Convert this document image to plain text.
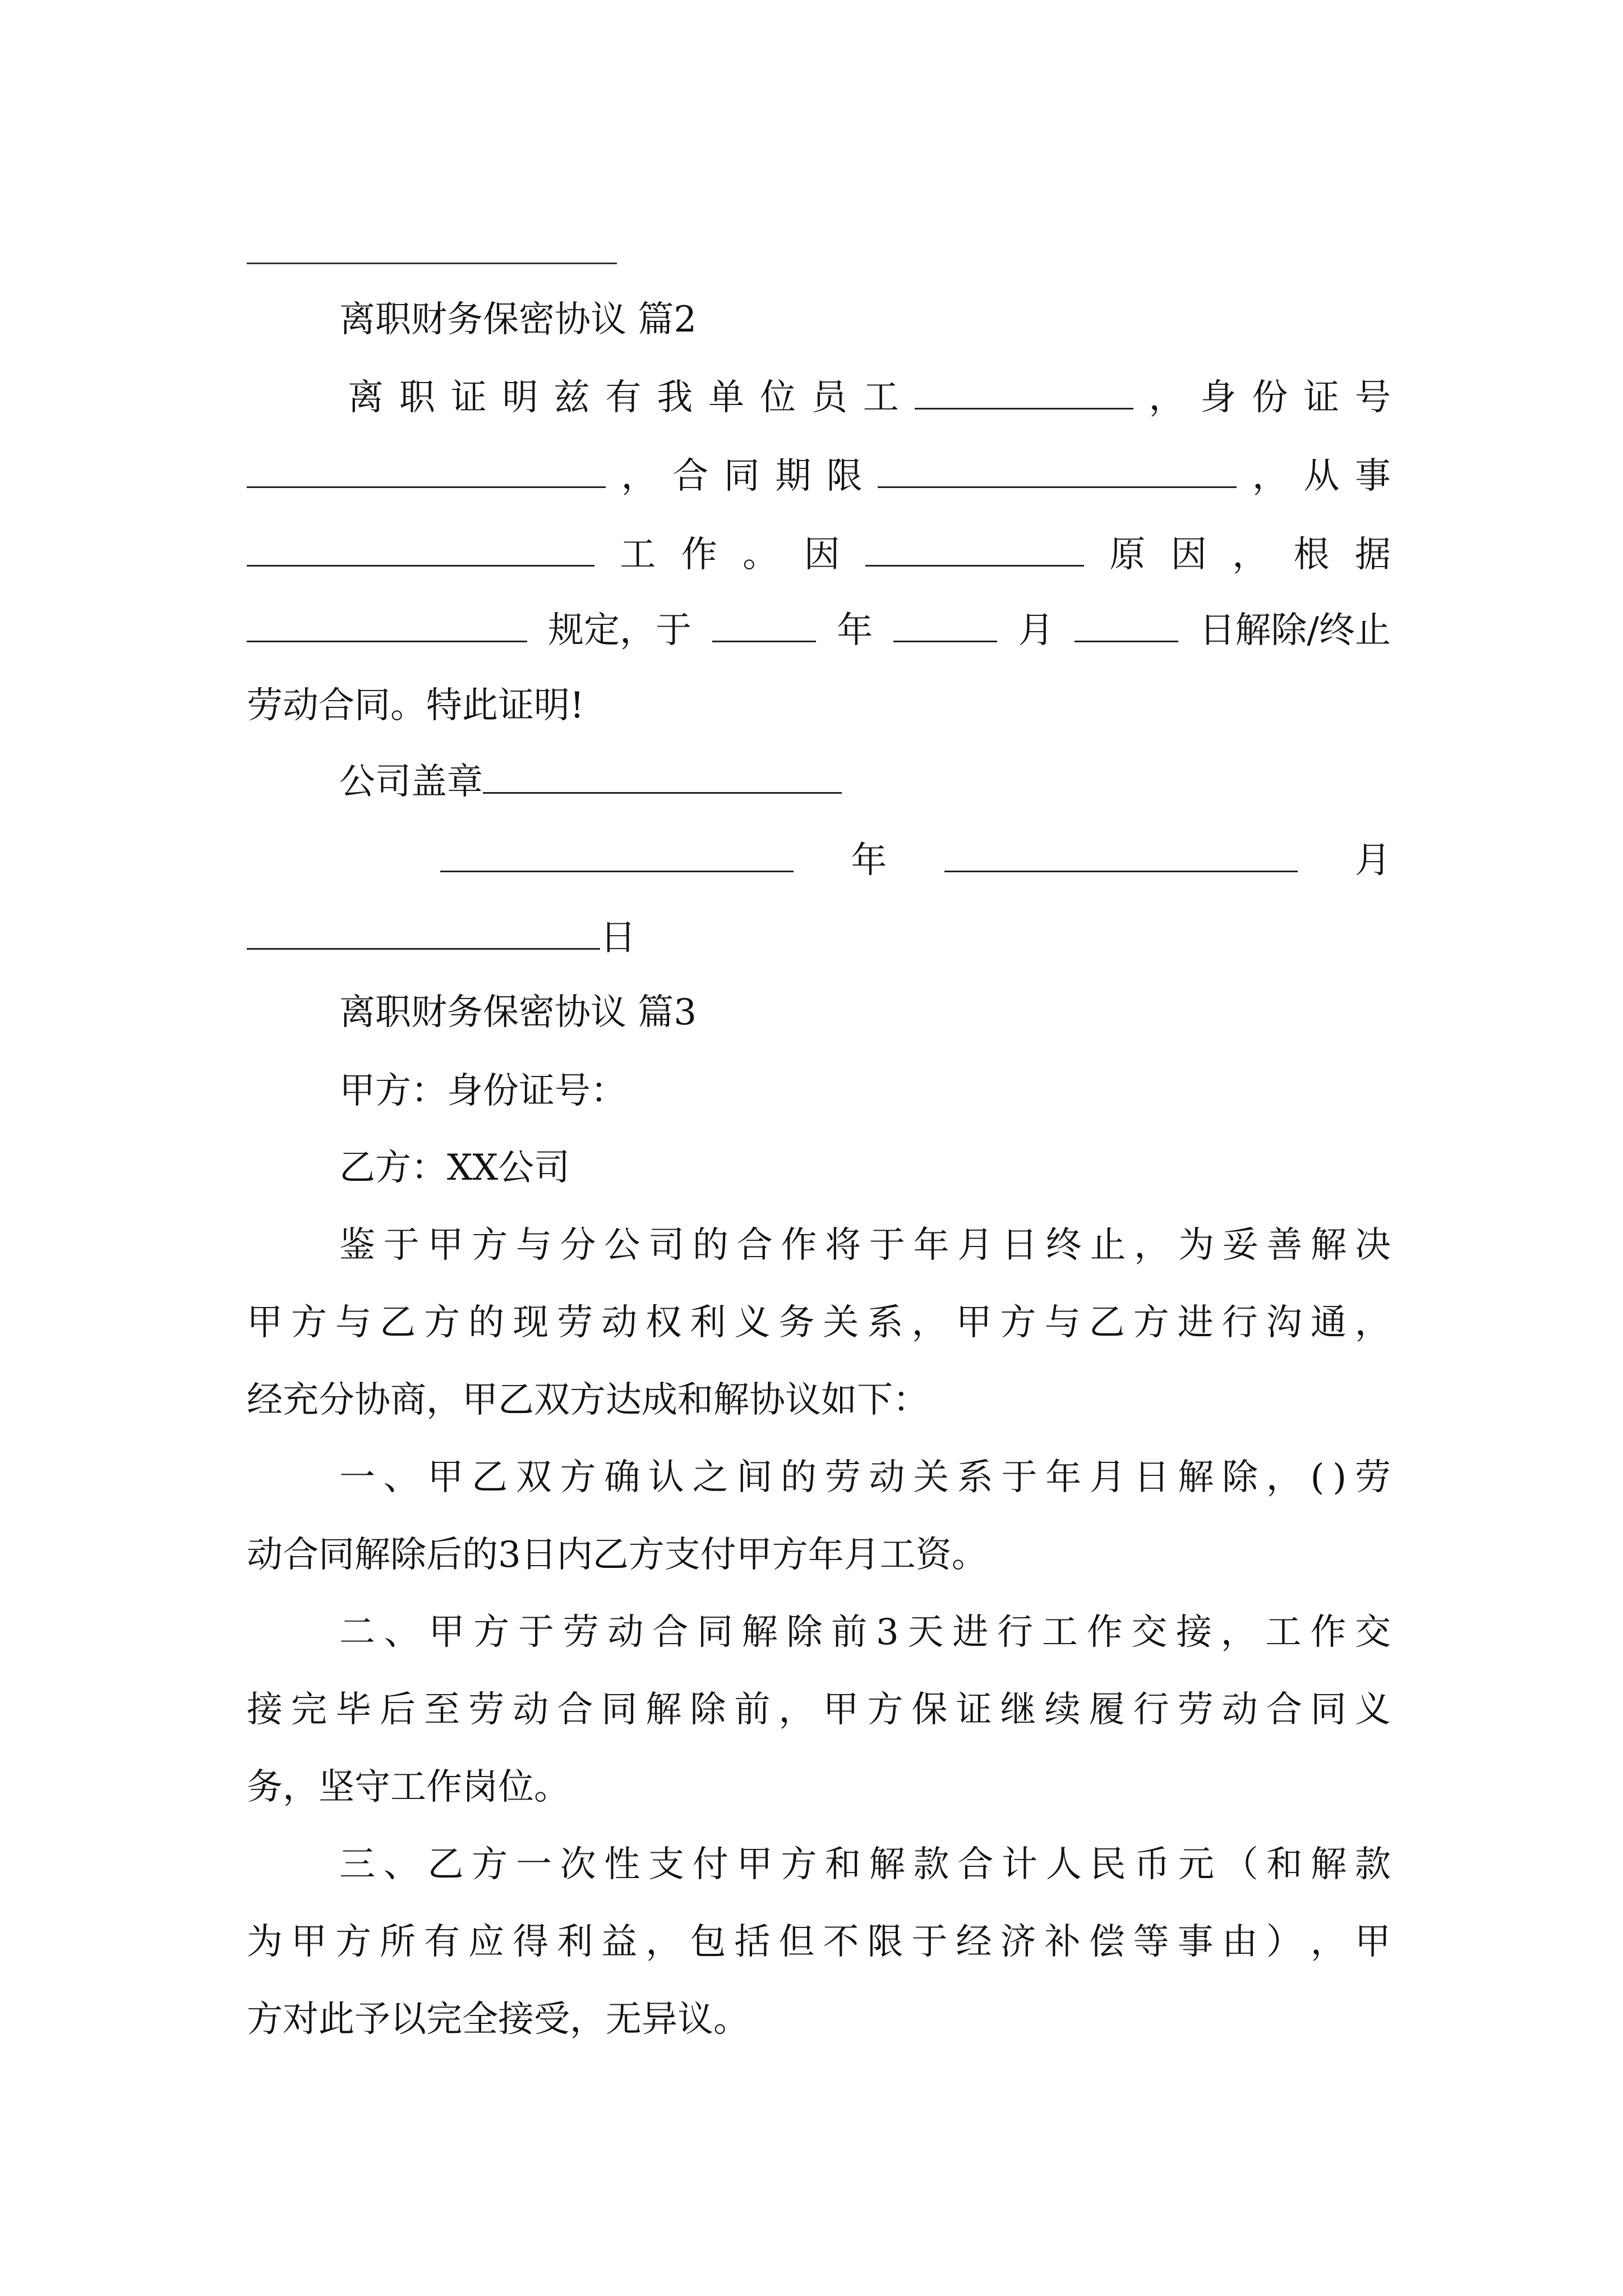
离职财务保密协议 篇2
离 职 证 明 兹 有 我 单 位 员 工	， 身 份 证 号
， 合 同 期 限	， 从 事
工 作 。 因	原 因 ， 根 据
规定，于	年	月	日解除/终止
劳动合同。特此证明!
公司盖章
年	月
日
离职财务保密协议 篇3
甲方：身份证号：
乙方：XX公司
鉴 于 甲 方 与 分 公 司 的 合 作 将 于 年 月 日 终 止 ， 为 妥 善 解 决
甲 方 与 乙 方 的 现 劳 动 权 利 义 务 关 系 ， 甲 方 与 乙 方 进 行 沟 通 ，
经充分协商，甲乙双方达成和解协议如下：
一 、 甲 乙 双 方 确 认 之 间 的 劳 动 关 系 于 年 月 日 解 除 ， ( ) 劳
动合同解除后的3日内乙方支付甲方年月工资。
二 、 甲 方 于 劳 动 合 同 解 除 前 3 天 进 行 工 作 交 接 ， 工 作 交
接 完 毕 后 至 劳 动 合 同 解 除 前 ， 甲 方 保 证 继 续 履 行 劳 动 合 同 义
务，坚守工作岗位。
三 、 乙 方 一 次 性 支 付 甲 方 和 解 款 合 计 人 民 币 元 （ 和 解 款
为 甲 方 所 有 应 得 利 益 ， 包 括 但 不 限 于 经 济 补 偿 等 事 由 ） ， 甲
方对此予以完全接受，无异议。
